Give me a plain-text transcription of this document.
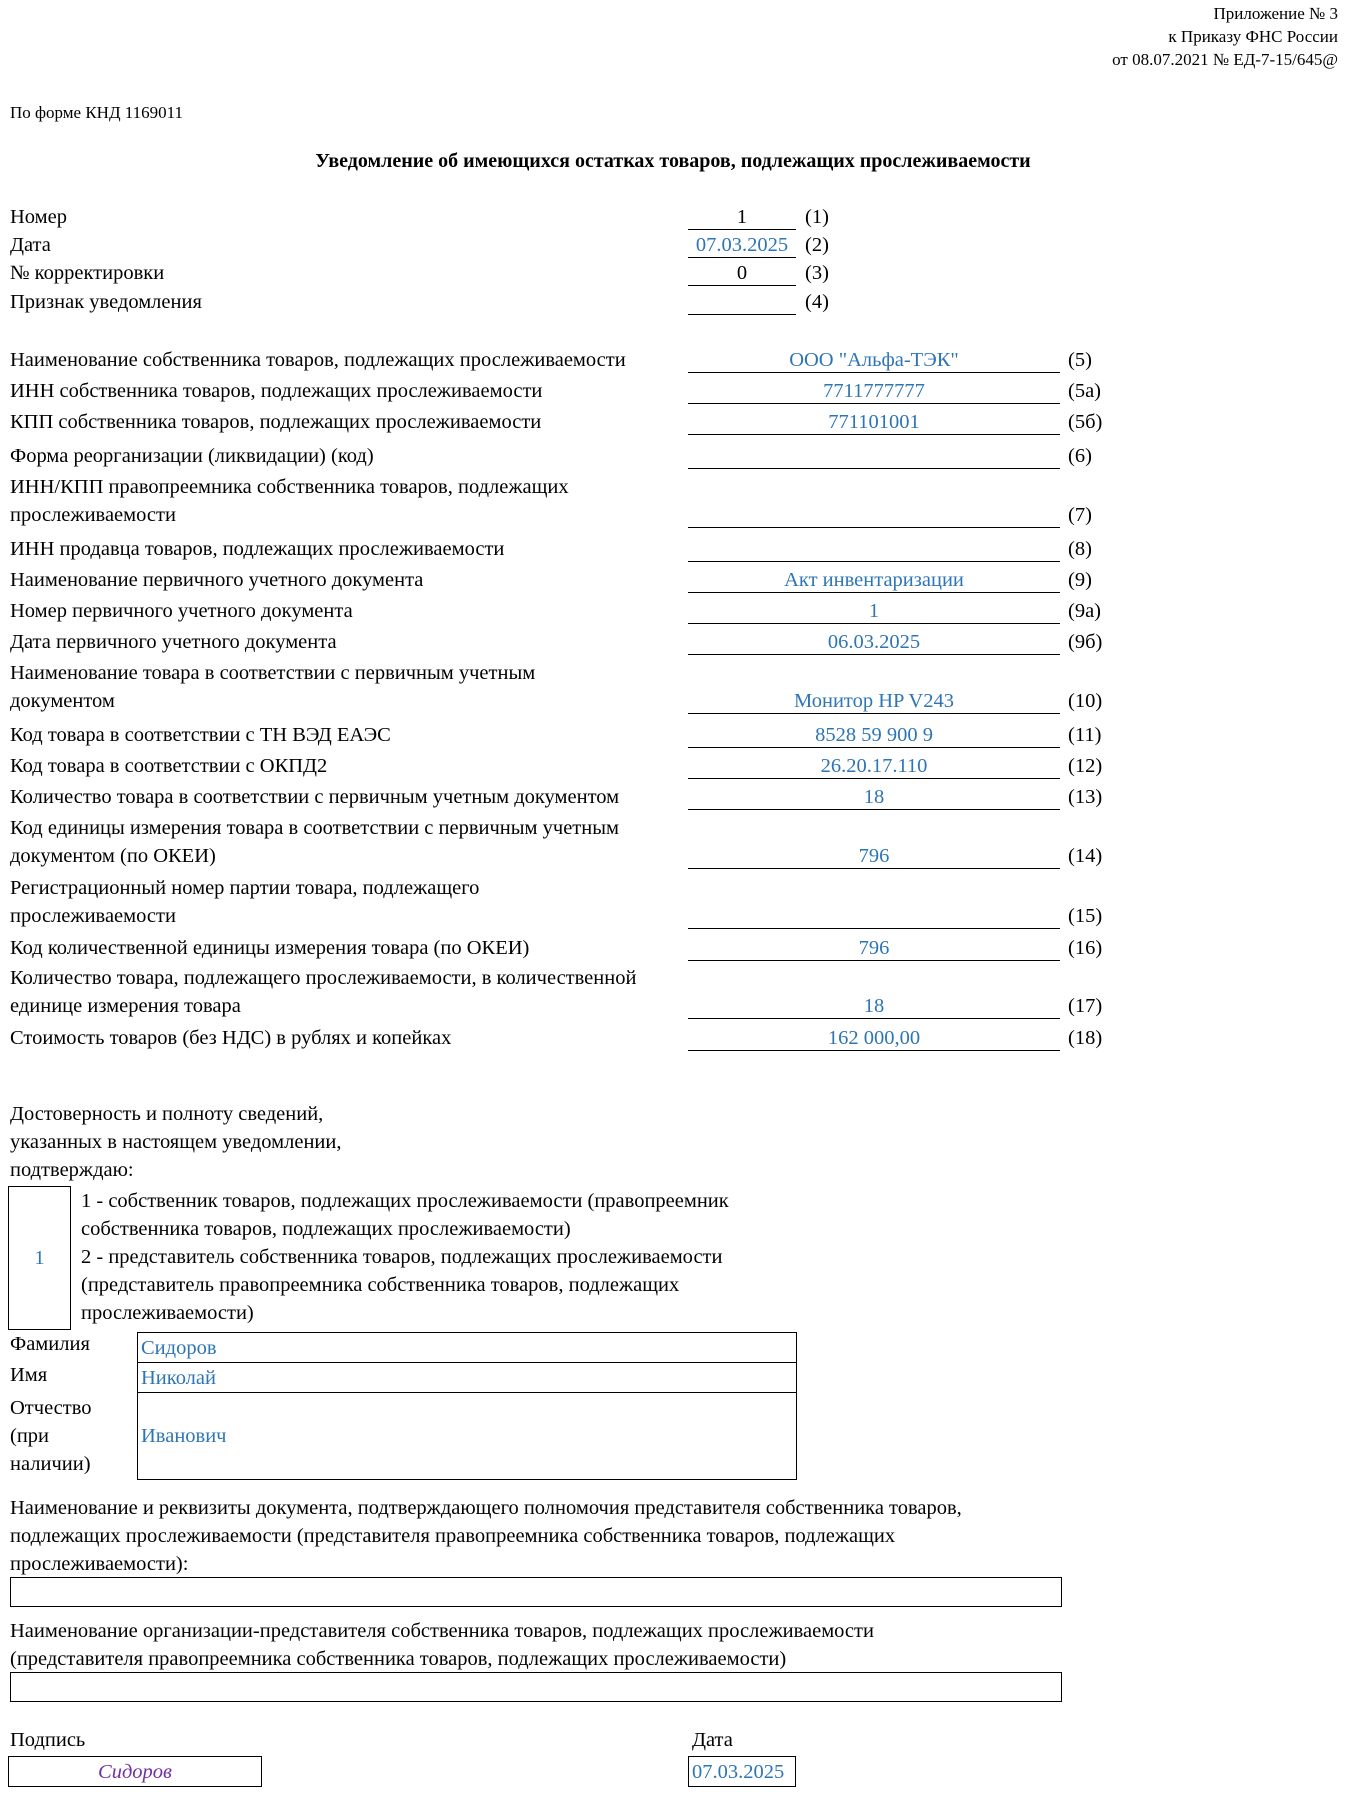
Приложение № 3
к Приказу ФНС России
от 08.07.2021 № ЕД-7-15/645@
По форме КНД 1169011
Уведомление об имеющихся остатках товаров, подлежащих прослеживаемости
Номер	1	(1)
Дата	07.03.2025 (2)
№ корректировки	0	(3)
Признак уведомления	(4)
Наименование собственника товаров, подлежащих прослеживаемости	ООО "Альфа-ТЭК"	(5)
ИНН собственника товаров, подлежащих прослеживаемости	7711777777	(5а)
КПП собственника товаров, подлежащих прослеживаемости	771101001	(5б)
Форма реорганизации (ликвидации) (код)	(6)
ИНН/КПП правопреемника собственника товаров, подлежащих
прослеживаемости	(7)
ИНН продавца товаров, подлежащих прослеживаемости	(8)
Наименование первичного учетного документа	Акт инвентаризации	(9)
Номер первичного учетного документа	1	(9а)
Дата первичного учетного документа	06.03.2025	(9б)
Наименование товара в соответствии с первичным учетным
документом	Монитор HP V243	(10)
Код товара в соответствии с ТН ВЭД ЕАЭС	8528 59 900 9	(11)
Код товара в соответствии с ОКПД2	26.20.17.110	(12)
Количество товара в соответствии с первичным учетным документом	18	(13)
Код единицы измерения товара в соответствии с первичным учетным
документом (по ОКЕИ)	796	(14)
Регистрационный номер партии товара, подлежащего
прослеживаемости	(15)
Код количественной единицы измерения товара (по ОКЕИ)	796	(16)
Количество товара, подлежащего прослеживаемости, в количественной
единице измерения товара	18	(17)
Стоимость товаров (без НДС) в рублях и копейках	162 000,00	(18)
Достоверность и полноту сведений,
указанных в настоящем уведомлении,
подтверждаю:
1
1 - собственник товаров, подлежащих прослеживаемости (правопреемник
собственника товаров, подлежащих прослеживаемости)
2 - представитель собственника товаров, подлежащих прослеживаемости
(представитель правопреемника собственника товаров, подлежащих
прослеживаемости)
Фамилия Сидоров
Имя	Николай
Отчество
(при
наличии)
Иванович
Наименование и реквизиты документа, подтверждающего полномочия представителя собственника товаров,
подлежащих прослеживаемости (представителя правопреемника собственника товаров, подлежащих
прослеживаемости):
Наименование организации-представителя собственника товаров, подлежащих прослеживаемости
(представителя правопреемника собственника товаров, подлежащих прослеживаемости)
Подпись
Сидоров
Дата
07.03.2025
